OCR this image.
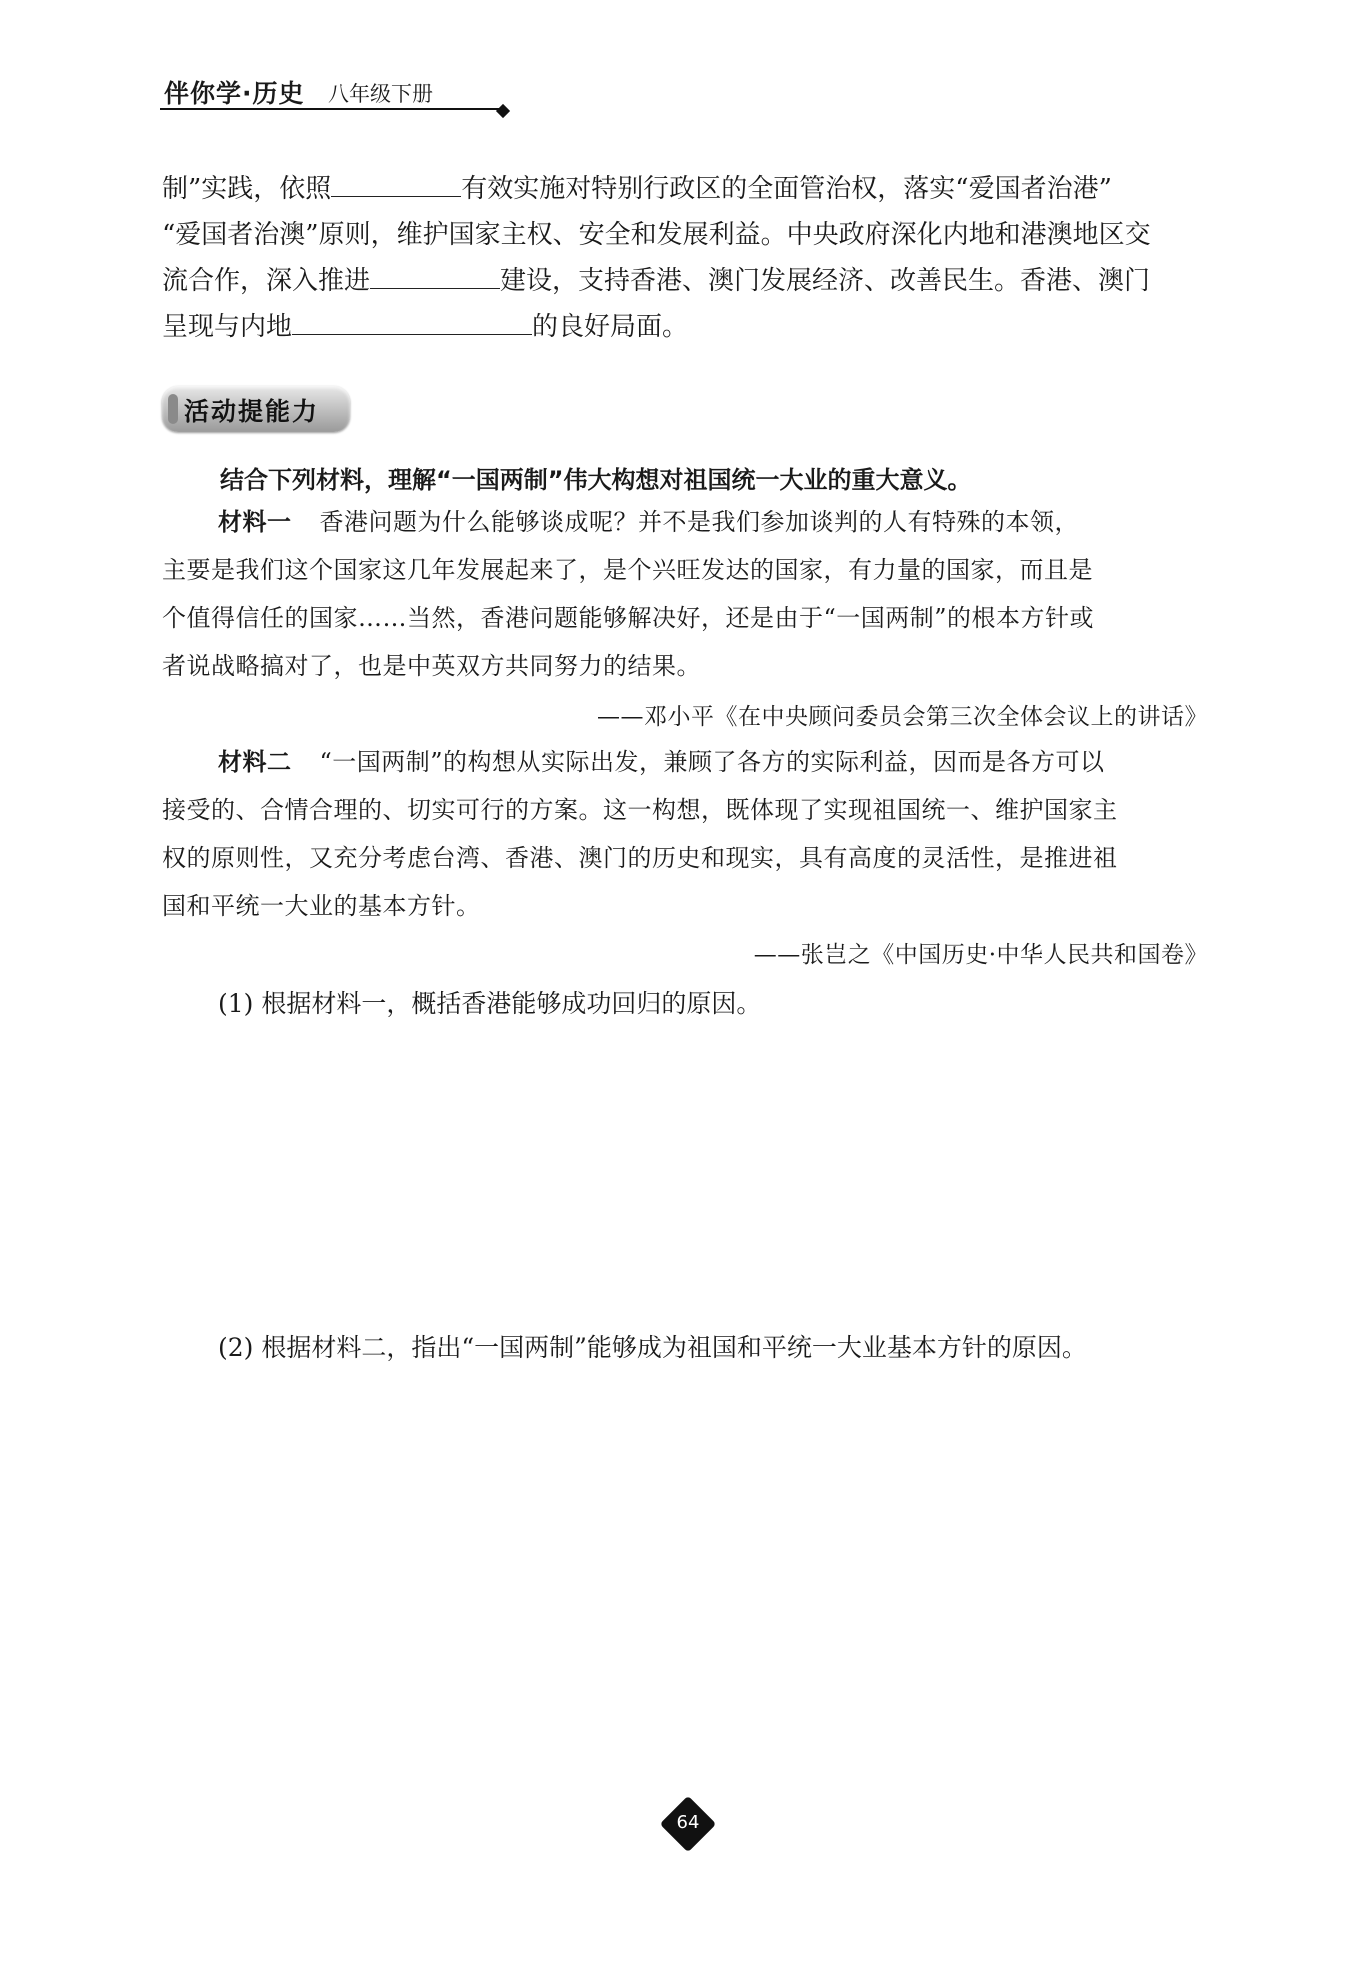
伴你学·历史 八年级下册

制”实践，依照	有效实施对特别行政区的全面管治权，落实“爱国者治港”

“爱国者治澳”原则，维护国家主权、安全和发展利益。中央政府深化内地和港澳地区交

流合作，深入推进	建设，支持香港、澳门发展经济、改善民生。香港、澳门

呈现与内地	的良好局面。

活动提能力
结合下列材料，理解“一国两制”伟大构想对祖国统一大业的重大意义。

材料一 香港问题为什么能够谈成呢？并不是我们参加谈判的人有特殊的本领，

主要是我们这个国家这几年发展起来了，是个兴旺发达的国家，有力量的国家，而且是

个值得信任的国家……当然，香港问题能够解决好，还是由于“一国两制”的根本方针或

者说战略搞对了，也是中英双方共同努力的结果。

——邓小平《在中央顾问委员会第三次全体会议上的讲话》

材料二 “一国两制”的构想从实际出发，兼顾了各方的实际利益，因而是各方可以

接受的、合情合理的、切实可行的方案。这一构想，既体现了实现祖国统一、维护国家主

权的原则性，又充分考虑台湾、香港、澳门的历史和现实，具有高度的灵活性，是推进祖

国和平统一大业的基本方针。

——张岂之《中国历史·中华人民共和国卷》
(1) 根据材料一，概括香港能够成功回归的原因。
(2) 根据材料二，指出“一国两制”能够成为祖国和平统一大业基本方针的原因。
64
